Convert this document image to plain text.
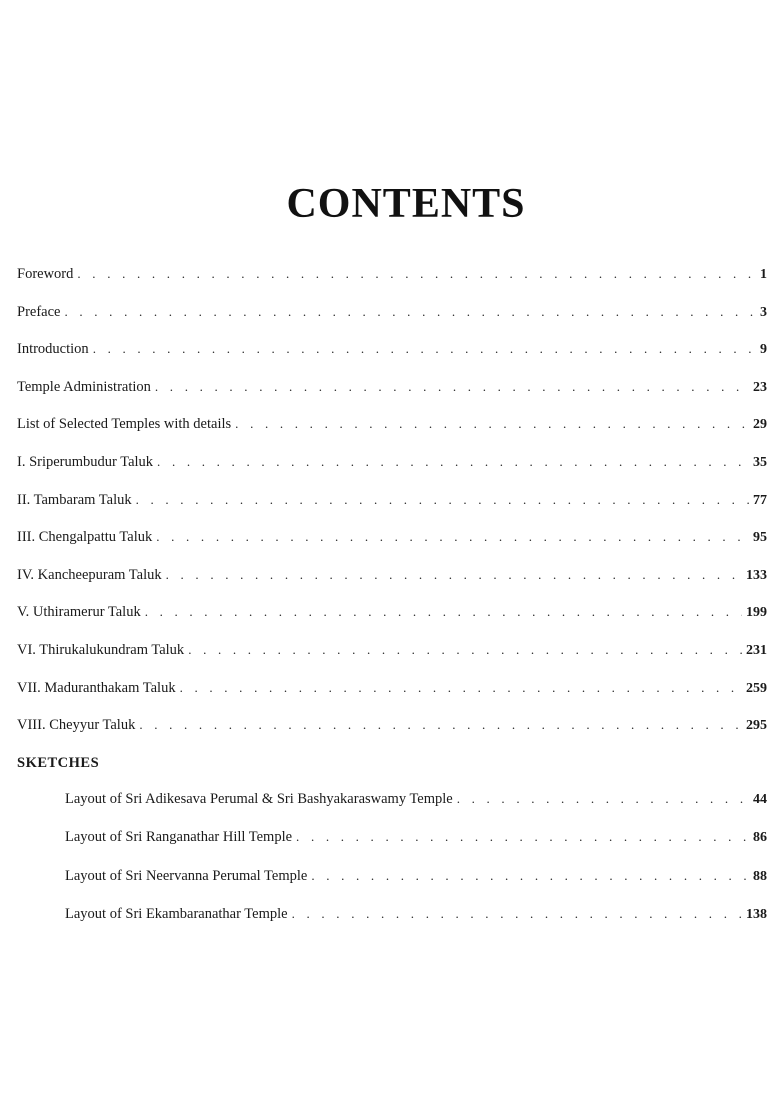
CONTENTS
Foreword . . .	1
Preface . . .	3
Introduction . . .	9
Temple Administration . . .	23
List of Selected Temples with details . . .	29
I. Sriperumbudur Taluk . . .	35
II. Tambaram Taluk . . .	77
III. Chengalpattu Taluk . . .	95
IV. Kancheepuram Taluk . . .	133
V. Uthiramerur Taluk . . .	199
VI. Thirukalukundram Taluk . . .	231
VII. Maduranthakam Taluk . . .	259
VIII. Cheyyur Taluk . . .	295
SKETCHES
Layout of Sri Adikesava Perumal & Sri Bashyakaraswamy Temple . . .	44
Layout of Sri Ranganathar Hill Temple . . .	86
Layout of Sri Neervanna Perumal Temple . . .	88
Layout of Sri Ekambaranathar Temple . . .	138
